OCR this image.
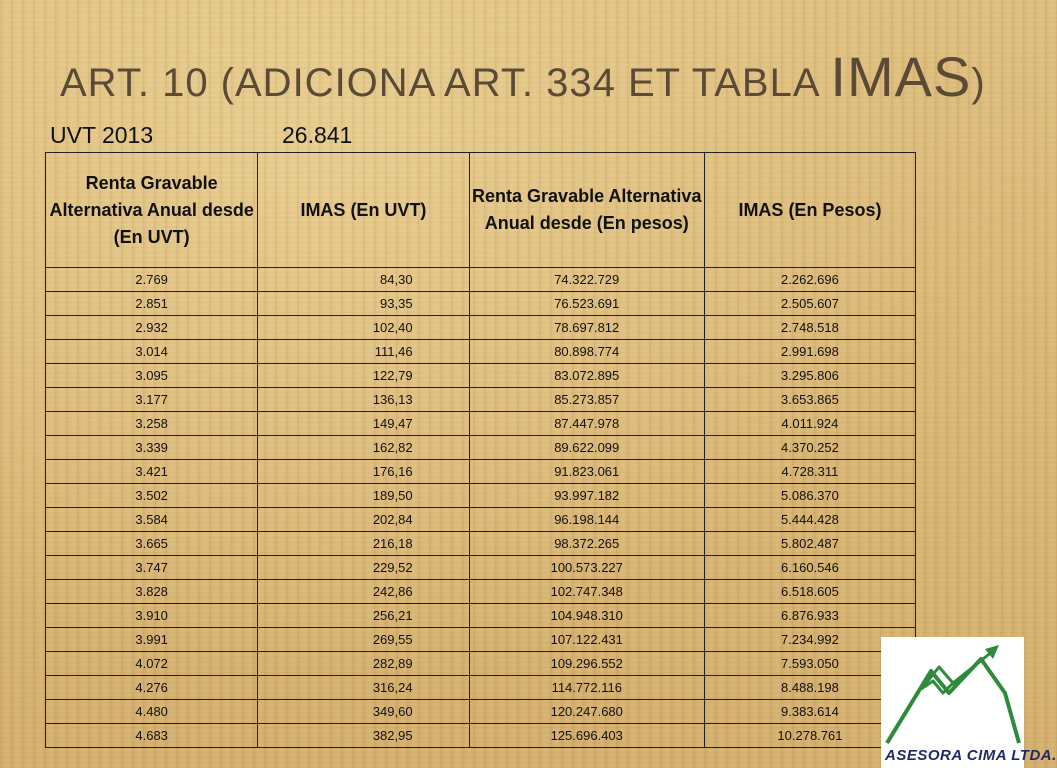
ART. 10 (ADICIONA ART. 334 ET TABLA IMAS)
UVT 2013	26.841
Renta Gravable Alternativa Anual desde (En UVT)	IMAS (En UVT)	Renta Gravable Alternativa Anual desde (En pesos)	IMAS (En Pesos)
2.769	84,30	74.322.729	2.262.696
2.851	93,35	76.523.691	2.505.607
2.932	102,40	78.697.812	2.748.518
3.014	111,46	80.898.774	2.991.698
3.095	122,79	83.072.895	3.295.806
3.177	136,13	85.273.857	3.653.865
3.258	149,47	87.447.978	4.011.924
3.339	162,82	89.622.099	4.370.252
3.421	176,16	91.823.061	4.728.311
3.502	189,50	93.997.182	5.086.370
3.584	202,84	96.198.144	5.444.428
3.665	216,18	98.372.265	5.802.487
3.747	229,52	100.573.227	6.160.546
3.828	242,86	102.747.348	6.518.605
3.910	256,21	104.948.310	6.876.933
3.991	269,55	107.122.431	7.234.992
4.072	282,89	109.296.552	7.593.050
4.276	316,24	114.772.116	8.488.198
4.480	349,60	120.247.680	9.383.614
4.683	382,95	125.696.403	10.278.761
ASESORA CIMA LTDA.
